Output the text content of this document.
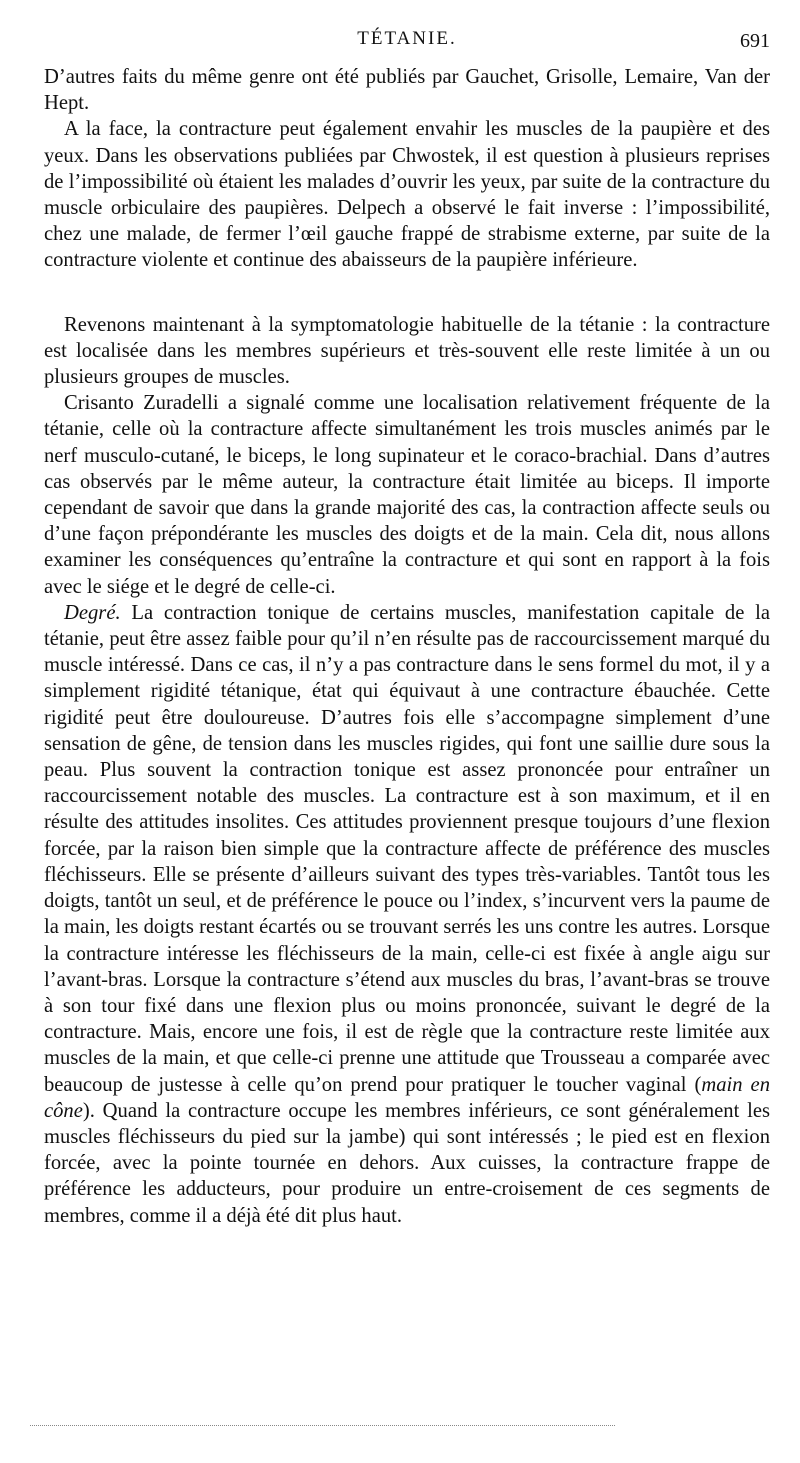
TÉTANIE.	691

D’autres faits du même genre ont été publiés par Gauchet, Grisolle, Lemaire, Van der Hept.

A la face, la contracture peut également envahir les muscles de la paupière et des yeux. Dans les observations publiées par Chwostek, il est question à plusieurs reprises de l’impossibilité où étaient les malades d’ouvrir les yeux, par suite de la contracture du muscle orbiculaire des paupières. Delpech a observé le fait inverse : l’impossibilité, chez une malade, de fermer l’œil gauche frappé de strabisme externe, par suite de la contracture violente et continue des abaisseurs de la paupière inférieure.

Revenons maintenant à la symptomatologie habituelle de la tétanie : la contracture est localisée dans les membres supérieurs et très-souvent elle reste limitée à un ou plusieurs groupes de muscles.

Crisanto Zuradelli a signalé comme une localisation relativement fréquente de la tétanie, celle où la contracture affecte simultanément les trois muscles animés par le nerf musculo-cutané, le biceps, le long supinateur et le coraco-brachial. Dans d’autres cas observés par le même auteur, la contracture était limitée au biceps. Il importe cependant de savoir que dans la grande majorité des cas, la contraction affecte seuls ou d’une façon prépondérante les muscles des doigts et de la main. Cela dit, nous allons examiner les conséquences qu’entraîne la contracture et qui sont en rapport à la fois avec le siége et le degré de celle-ci.

Degré. La contraction tonique de certains muscles, manifestation capitale de la tétanie, peut être assez faible pour qu’il n’en résulte pas de raccourcissement marqué du muscle intéressé. Dans ce cas, il n’y a pas contracture dans le sens formel du mot, il y a simplement rigidité tétanique, état qui équivaut à une contracture ébauchée. Cette rigidité peut être douloureuse. D’autres fois elle s’accompagne simplement d’une sensation de gêne, de tension dans les muscles rigides, qui font une saillie dure sous la peau. Plus souvent la contraction tonique est assez prononcée pour entraîner un raccourcissement notable des muscles. La contracture est à son maximum, et il en résulte des attitudes insolites. Ces attitudes proviennent presque toujours d’une flexion forcée, par la raison bien simple que la contracture affecte de préférence des muscles fléchisseurs. Elle se présente d’ailleurs suivant des types très-variables. Tantôt tous les doigts, tantôt un seul, et de préférence le pouce ou l’index, s’incurvent vers la paume de la main, les doigts restant écartés ou se trouvant serrés les uns contre les autres. Lorsque la contracture intéresse les fléchisseurs de la main, celle-ci est fixée à angle aigu sur l’avant-bras. Lorsque la contracture s’étend aux muscles du bras, l’avant-bras se trouve à son tour fixé dans une flexion plus ou moins prononcée, suivant le degré de la contracture. Mais, encore une fois, il est de règle que la contracture reste limitée aux muscles de la main, et que celle-ci prenne une attitude que Trousseau a comparée avec beaucoup de justesse à celle qu’on prend pour pratiquer le toucher vaginal (main en cône). Quand la contracture occupe les membres inférieurs, ce sont généralement les muscles fléchisseurs du pied sur la jambe) qui sont intéressés ; le pied est en flexion forcée, avec la pointe tournée en dehors. Aux cuisses, la contracture frappe de préférence les adducteurs, pour produire un entre-croisement de ces segments de membres, comme il a déjà été dit plus haut.
